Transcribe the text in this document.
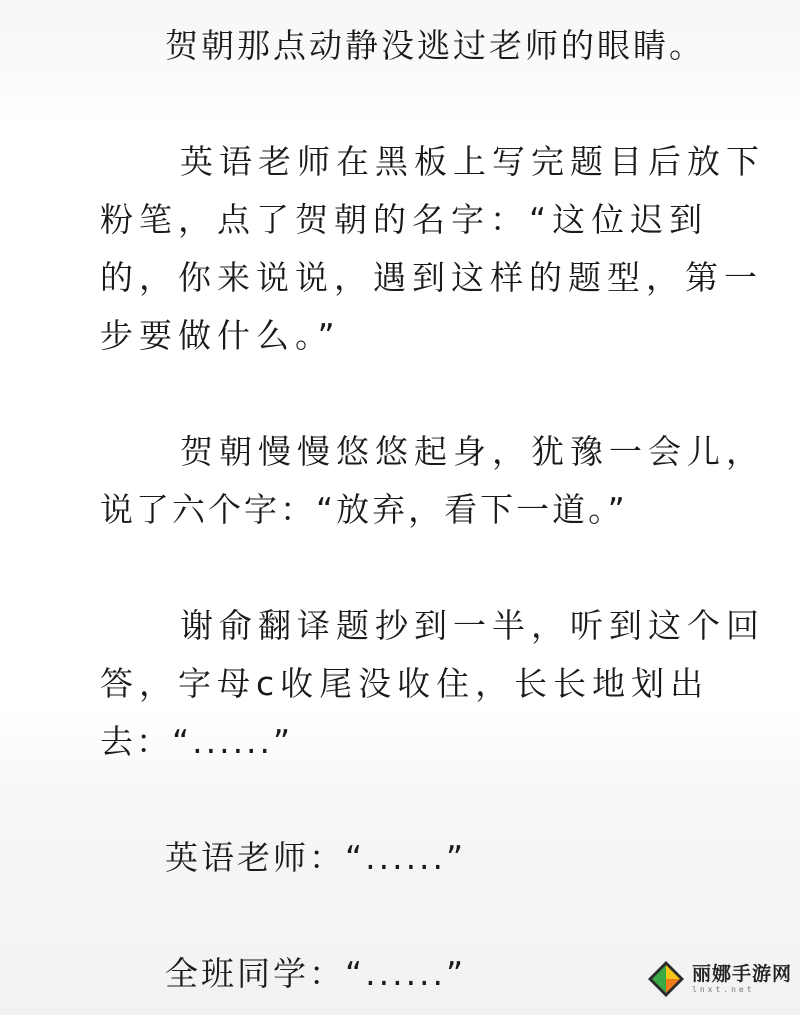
贺朝那点动静没逃过老师的眼睛。
英语老师在黑板上写完题目后放下
粉笔，点了贺朝的名字：“这位迟到
的，你来说说，遇到这样的题型，第一
步要做什么。”
贺朝慢慢悠悠起身，犹豫一会儿，
说了六个字：“放弃，看下一道。”
谢俞翻译题抄到一半，听到这个回
答，字母c收尾没收住，长长地划出
去：“......”
英语老师：“......”
全班同学：“......”	丽娜手游网
lnxt.net
